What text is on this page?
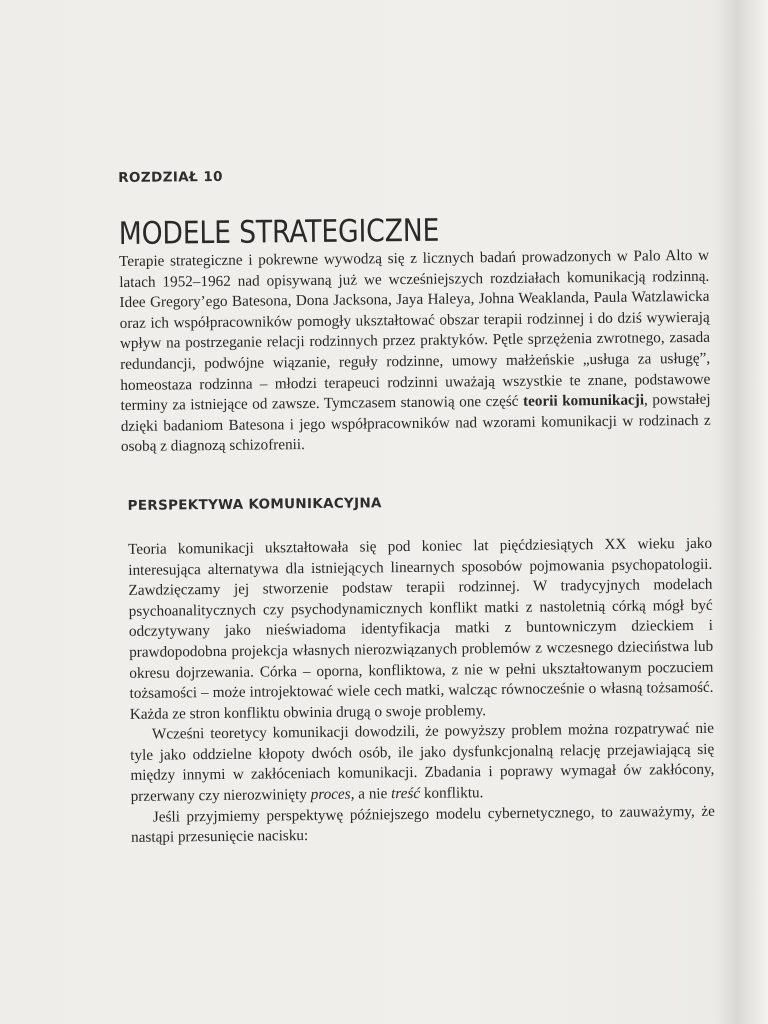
ROZDZIAŁ 10
MODELE STRATEGICZNE

Terapie strategiczne i pokrewne wywodzą się z licznych badań prowadzonych w Palo Alto w latach 1952–1962 nad opisywaną już we wcześniejszych rozdziałach komunikacją rodzinną. Idee Gregory’ego Batesona, Dona Jacksona, Jaya Haleya, Johna Weaklanda, Paula Watzlawicka oraz ich współpracowników pomogły ukształtować obszar terapii rodzinnej i do dziś wywierają wpływ na postrzeganie relacji rodzinnych przez praktyków. Pętle sprzężenia zwrotnego, zasada redundancji, podwójne wiązanie, reguły rodzinne, umowy małżeńskie „usługa za usługę”, homeostaza rodzinna – młodzi terapeuci rodzinni uważają wszystkie te znane, podstawowe terminy za istniejące od zawsze. Tymczasem stanowią one część teorii komunikacji, powstałej dzięki badaniom Batesona i jego współpracowników nad wzorami komunikacji w rodzinach z osobą z diagnozą schizofrenii.

PERSPEKTYWA KOMUNIKACYJNA

Teoria komunikacji ukształtowała się pod koniec lat pięćdziesiątych XX wieku jako interesująca alternatywa dla istniejących linearnych sposobów pojmowania psychopatologii. Zawdzięczamy jej stworzenie podstaw terapii rodzinnej. W tradycyjnych modelach psychoanalitycznych czy psychodynamicznych konflikt matki z nastoletnią córką mógł być odczytywany jako nieświadoma identyfikacja matki z buntowniczym dzieckiem i prawdopodobna projekcja własnych nierozwiązanych problemów z wczesnego dzieciństwa lub okresu dojrzewania. Córka – oporna, konfliktowa, z nie w pełni ukształtowanym poczuciem tożsamości – może introjektować wiele cech matki, walcząc równocześnie o własną tożsamość. Każda ze stron konfliktu obwinia drugą o swoje problemy.

Wcześni teoretycy komunikacji dowodzili, że powyższy problem można rozpatrywać nie tyle jako oddzielne kłopoty dwóch osób, ile jako dysfunkcjonalną relację przejawiającą się między innymi w zakłóceniach komunikacji. Zbadania i poprawy wymagał ów zakłócony, przerwany czy nierozwinięty proces, a nie treść konfliktu.

Jeśli przyjmiemy perspektywę późniejszego modelu cybernetycznego, to zauważymy, że nastąpi przesunięcie nacisku:
